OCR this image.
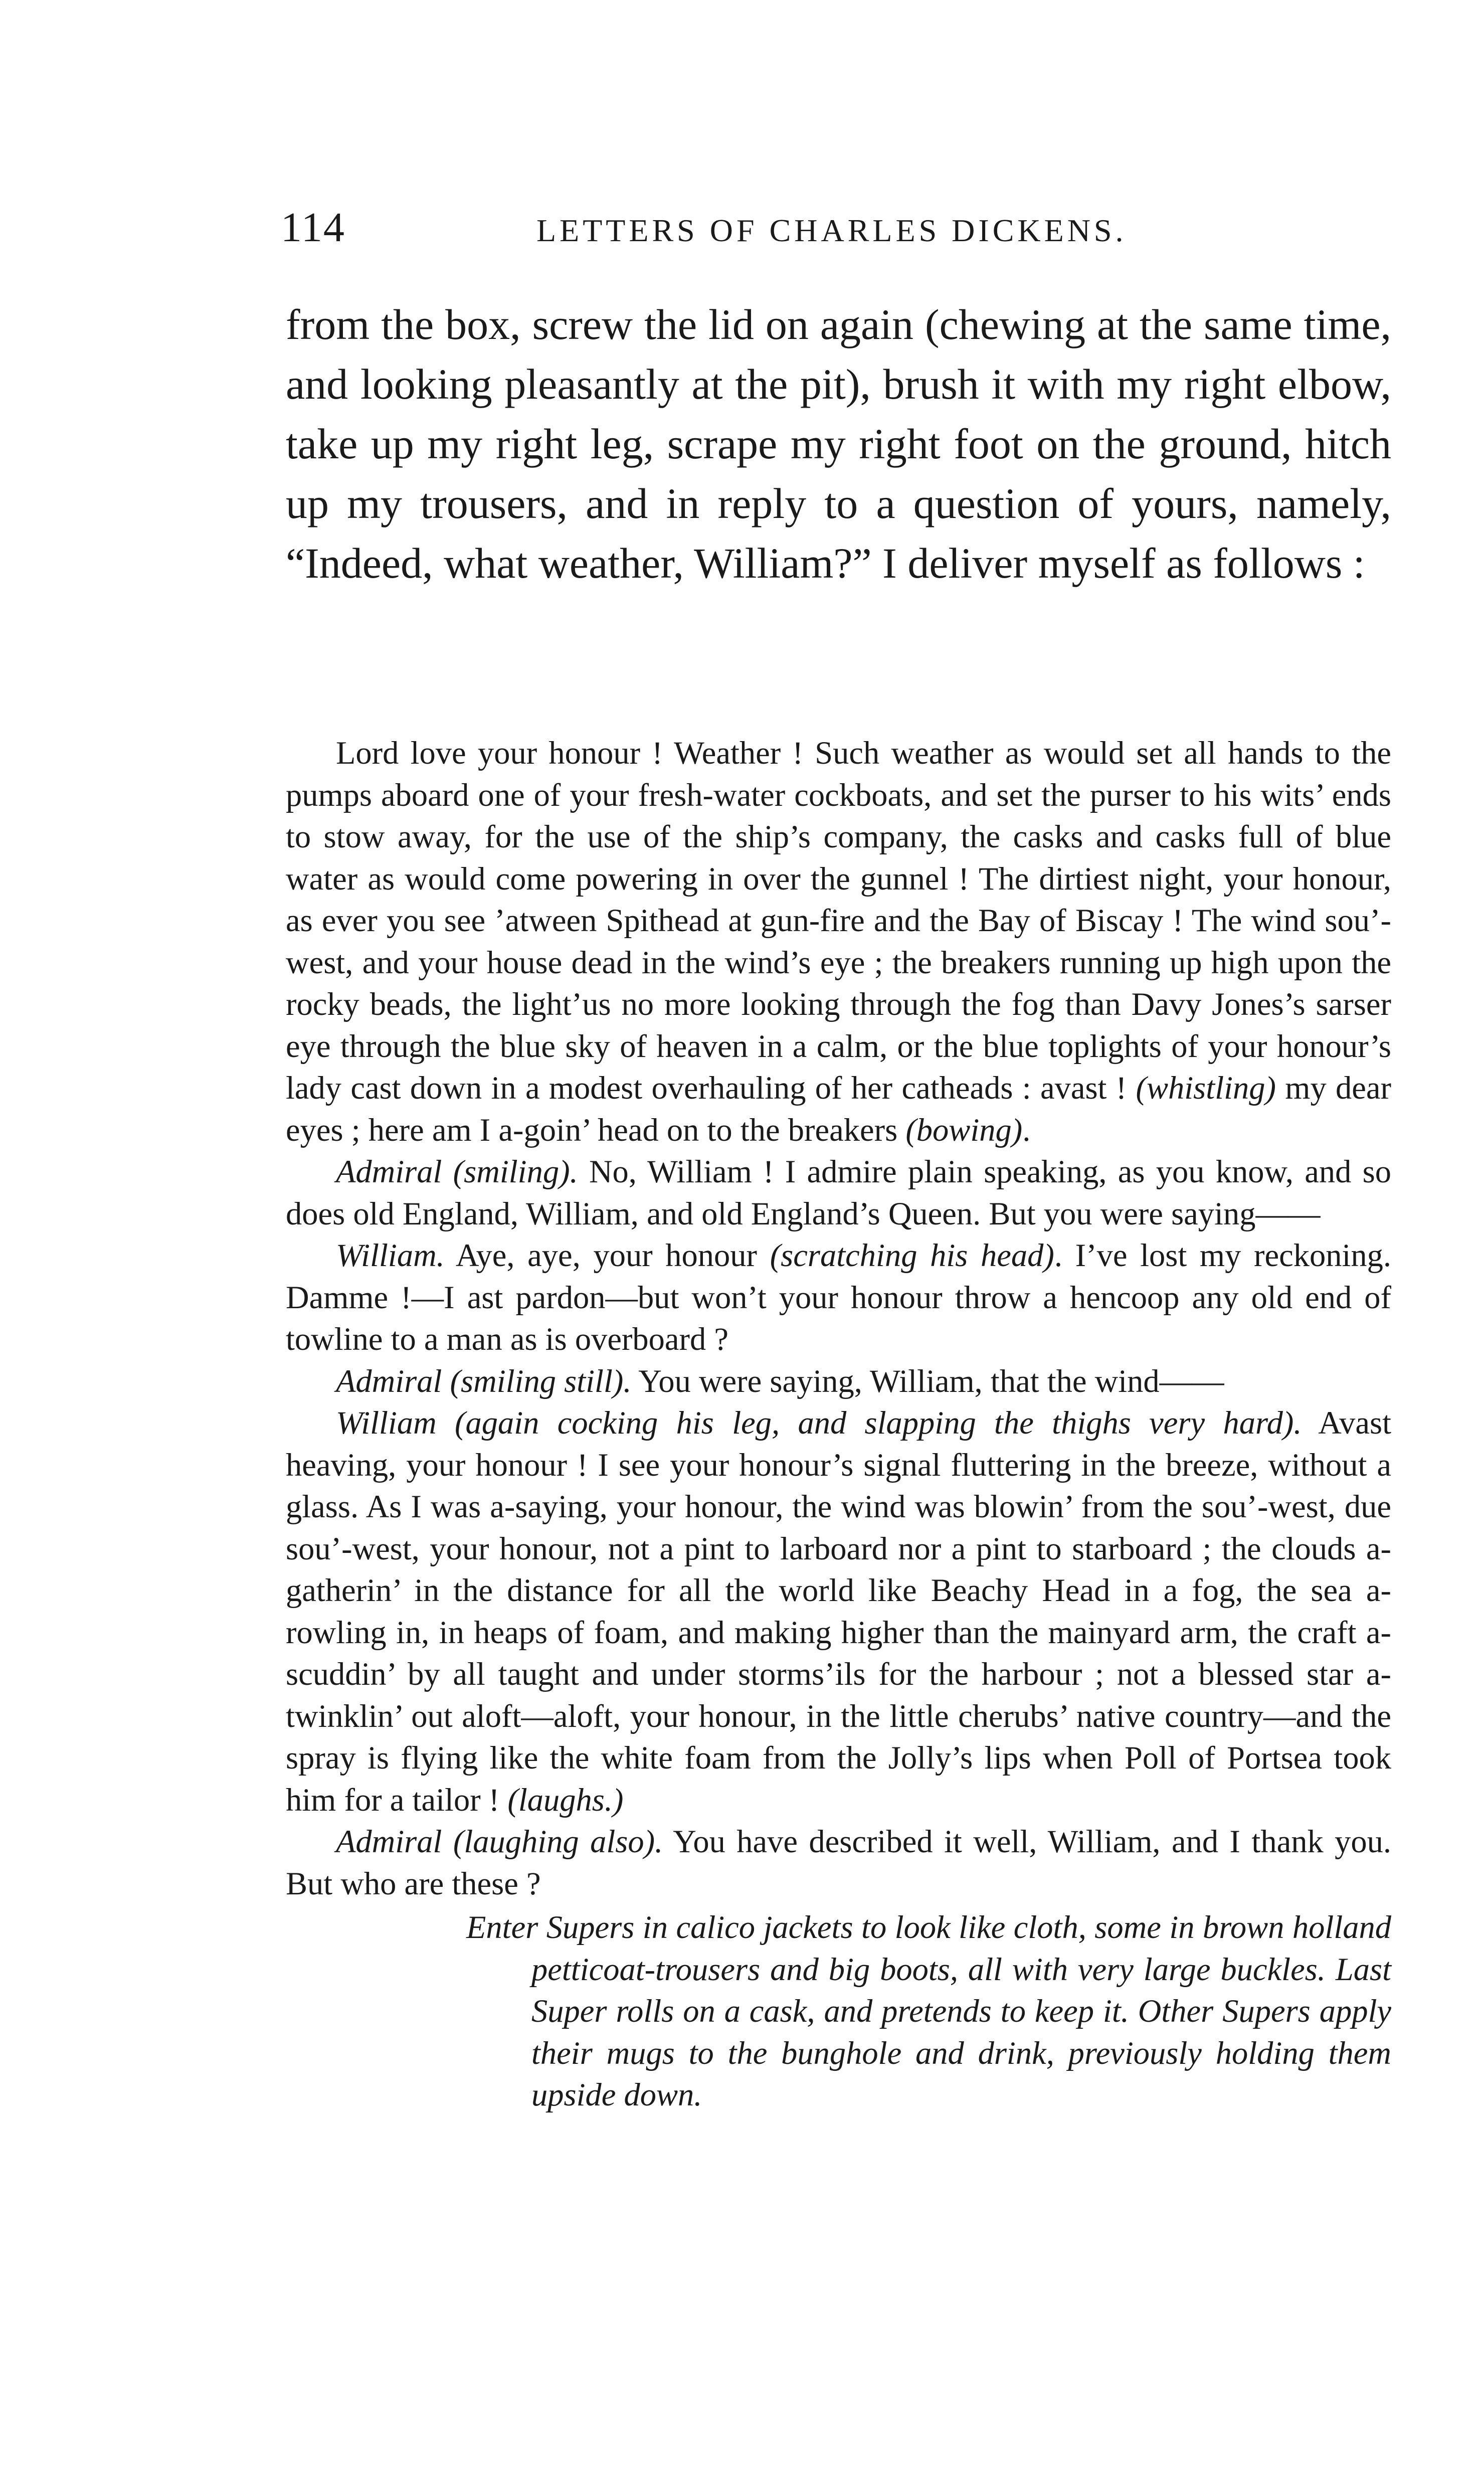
114	LETTERS OF CHARLES DICKENS.

from the box, screw the lid on again (chewing at the same time, and looking pleasantly at the pit), brush it with my right elbow, take up my right leg, scrape my right foot on the ground, hitch up my trousers, and in reply to a question of yours, namely, “Indeed, what weather, William?” I deliver myself as follows :

Lord love your honour ! Weather ! Such weather as would set all hands to the pumps aboard one of your fresh-water cockboats, and set the purser to his wits’ ends to stow away, for the use of the ship’s company, the casks and casks full of blue water as would come powering in over the gunnel ! The dirtiest night, your honour, as ever you see ’atween Spithead at gun-fire and the Bay of Biscay ! The wind sou’-west, and your house dead in the wind’s eye ; the breakers running up high upon the rocky beads, the light’us no more looking through the fog than Davy Jones’s sarser eye through the blue sky of heaven in a calm, or the blue toplights of your honour’s lady cast down in a modest overhauling of her catheads : avast ! (whistling) my dear eyes ; here am I a-goin’ head on to the breakers (bowing).

Admiral (smiling). No, William ! I admire plain speaking, as you know, and so does old England, William, and old England’s Queen. But you were saying——

William. Aye, aye, your honour (scratching his head). I’ve lost my reckoning. Damme !—I ast pardon—but won’t your honour throw a hencoop any old end of towline to a man as is overboard ?

Admiral (smiling still). You were saying, William, that the wind——

William (again cocking his leg, and slapping the thighs very hard). Avast heaving, your honour ! I see your honour’s signal fluttering in the breeze, without a glass. As I was a-saying, your honour, the wind was blowin’ from the sou’-west, due sou’-west, your honour, not a pint to larboard nor a pint to starboard ; the clouds a-gatherin’ in the distance for all the world like Beachy Head in a fog, the sea a-rowling in, in heaps of foam, and making higher than the mainyard arm, the craft a-scuddin’ by all taught and under storms’ils for the harbour ; not a blessed star a-twinklin’ out aloft—aloft, your honour, in the little cherubs’ native country—and the spray is flying like the white foam from the Jolly’s lips when Poll of Portsea took him for a tailor ! (laughs.)

Admiral (laughing also). You have described it well, William, and I thank you. But who are these ?

Enter Supers in calico jackets to look like cloth, some in brown holland petticoat-trousers and big boots, all with very large buckles. Last Super rolls on a cask, and pretends to keep it. Other Supers apply their mugs to the bunghole and drink, previously holding them upside down.
